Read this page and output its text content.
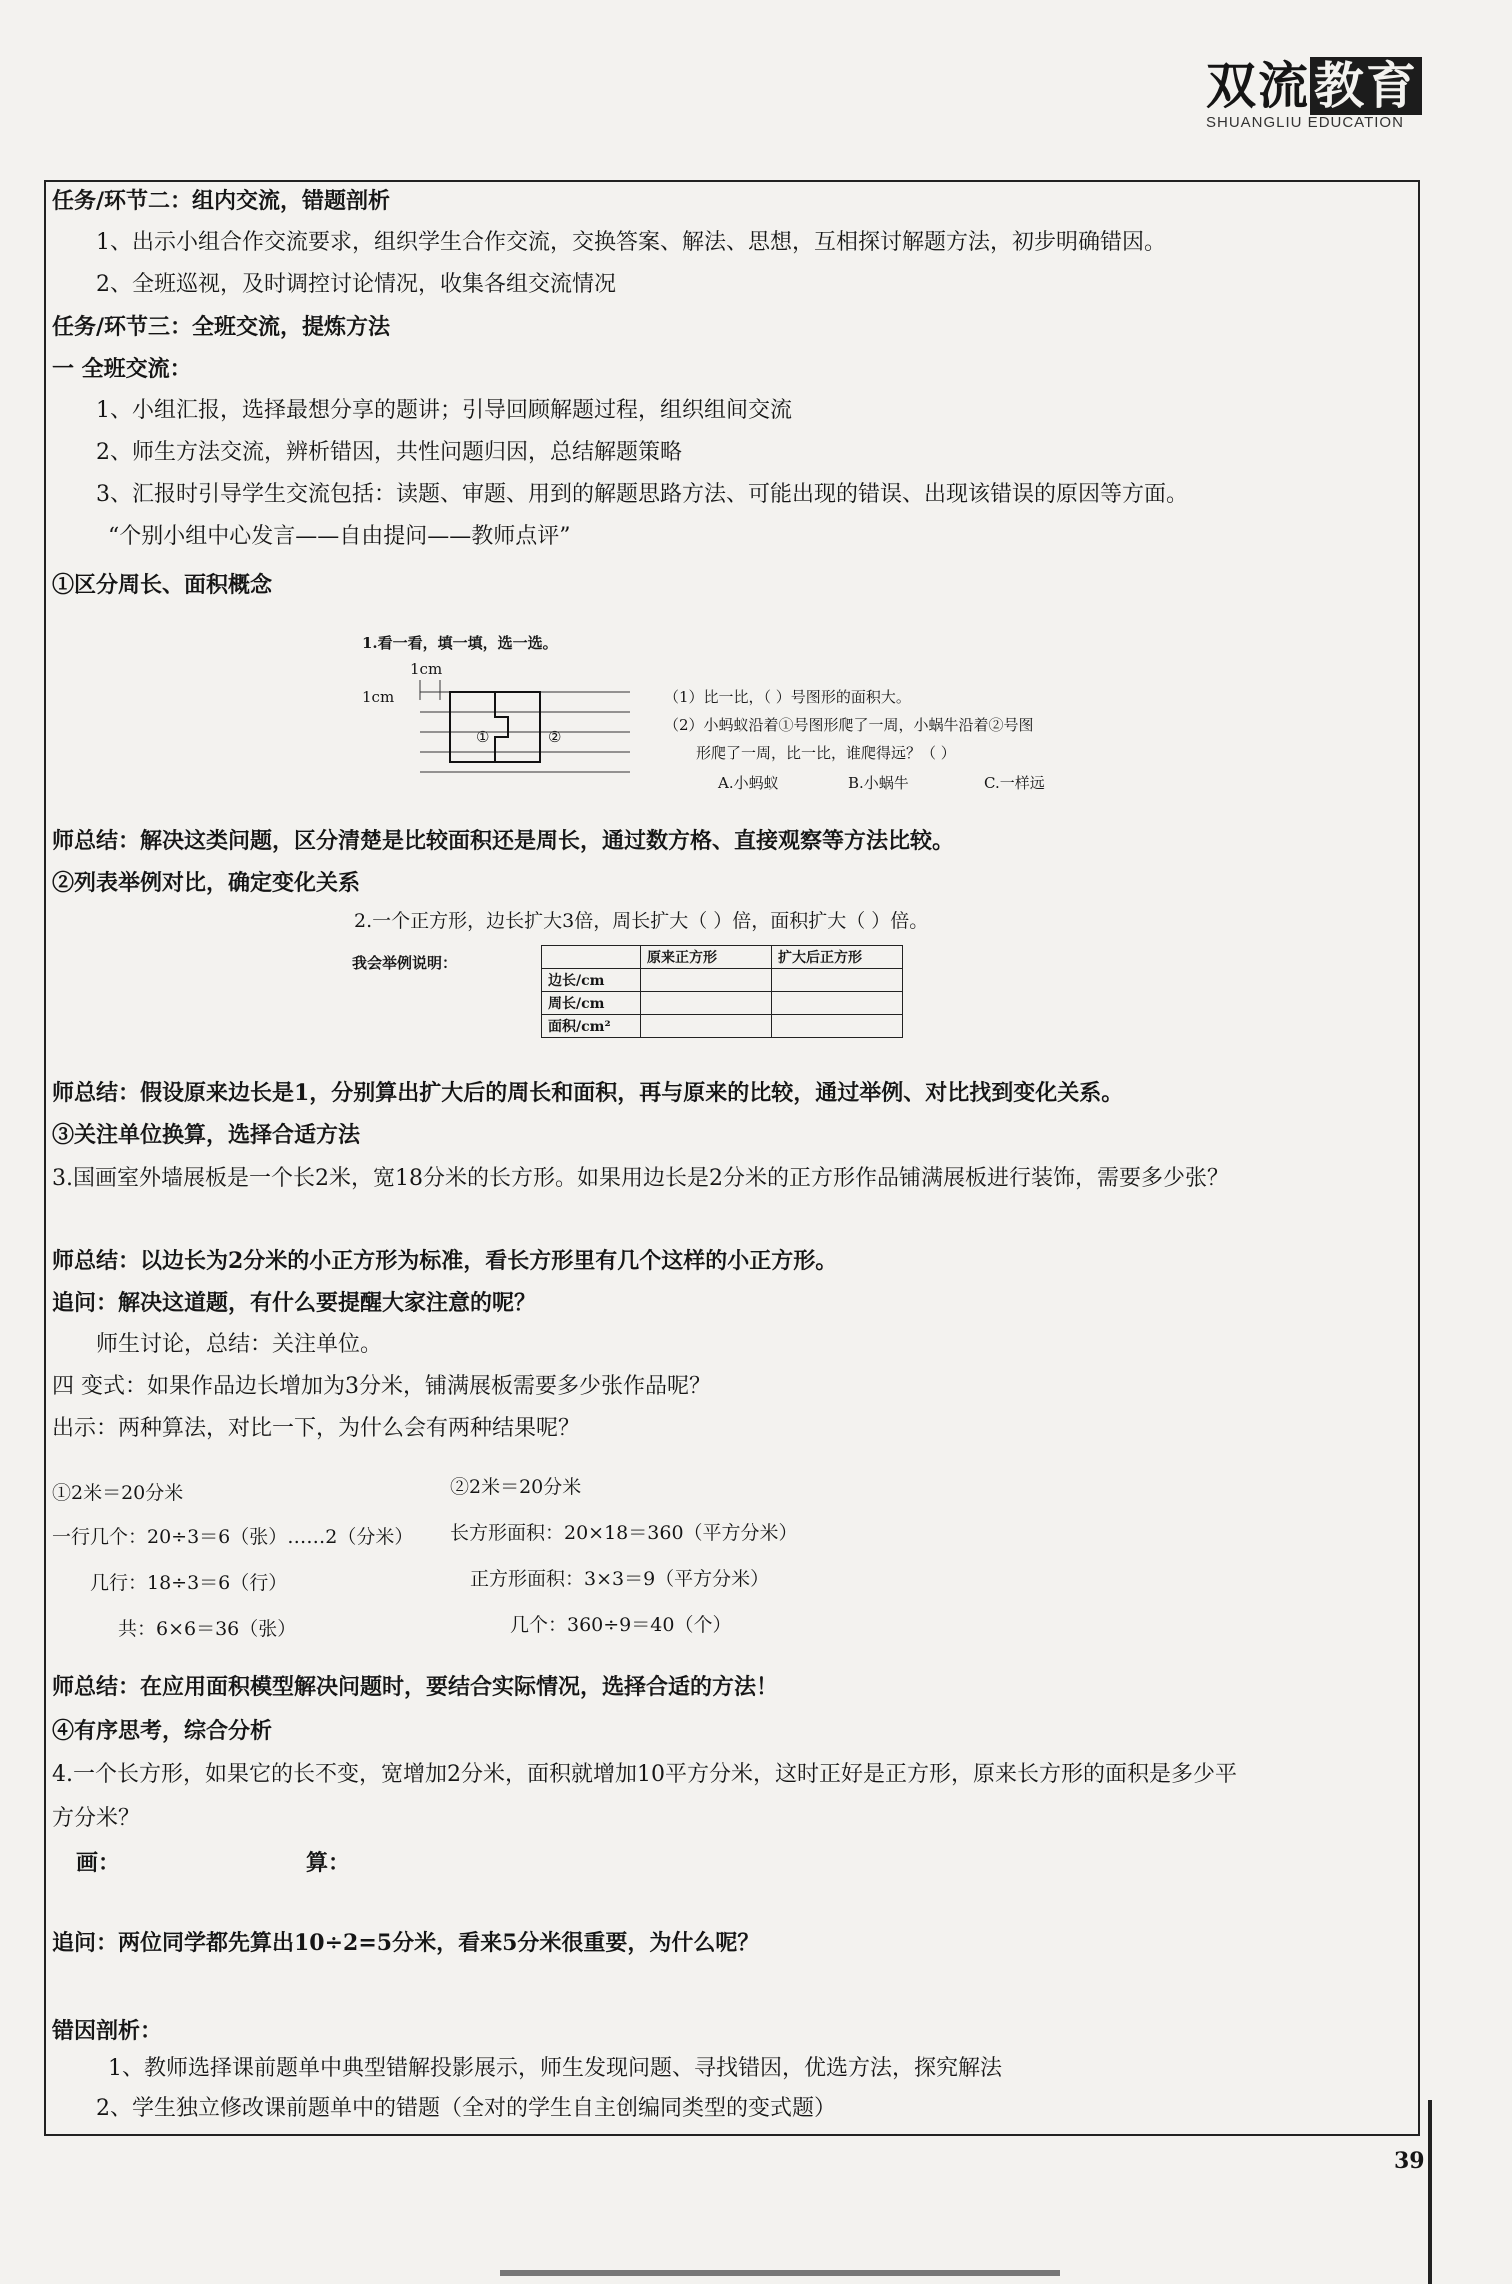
双流教育
SHUANGLIU EDUCATION
任务/环节二：组内交流，错题剖析
1、出示小组合作交流要求，组织学生合作交流，交换答案、解法、思想，互相探讨解题方法，初步明确错因。
2、全班巡视，及时调控讨论情况，收集各组交流情况
任务/环节三：全班交流，提炼方法
一 全班交流：
1、小组汇报，选择最想分享的题讲；引导回顾解题过程，组织组间交流
2、师生方法交流，辨析错因，共性问题归因，总结解题策略
3、汇报时引导学生交流包括：读题、审题、用到的解题思路方法、可能出现的错误、出现该错误的原因等方面。
“个别小组中心发言——自由提问——教师点评”
①区分周长、面积概念
1.看一看，填一填，选一选。
1cm
1cm
①	②
（1）比一比，（ ）号图形的面积大。
（2）小蚂蚁沿着①号图形爬了一周，小蜗牛沿着②号图
形爬了一周，比一比，谁爬得远？（ ）
A.小蚂蚁	B.小蜗牛	C.一样远
师总结：解决这类问题，区分清楚是比较面积还是周长，通过数方格、直接观察等方法比较。
②列表举例对比，确定变化关系
2.一个正方形，边长扩大3倍，周长扩大（ ）倍，面积扩大（ ）倍。
我会举例说明：
		原来正方形	扩大后正方形
边长/cm		
周长/cm		
面积/cm²		
师总结：假设原来边长是1，分别算出扩大后的周长和面积，再与原来的比较，通过举例、对比找到变化关系。
③关注单位换算，选择合适方法
3.国画室外墙展板是一个长2米，宽18分米的长方形。如果用边长是2分米的正方形作品铺满展板进行装饰，需要多少张？
师总结：以边长为2分米的小正方形为标准，看长方形里有几个这样的小正方形。
追问：解决这道题，有什么要提醒大家注意的呢？
师生讨论，总结：关注单位。
四 变式：如果作品边长增加为3分米，铺满展板需要多少张作品呢？
出示：两种算法，对比一下，为什么会有两种结果呢？
①2米＝20分米	②2米＝20分米
一行几个：20÷3＝6（张）……2（分米） 长方形面积：20×18＝360（平方分米）
几行：18÷3＝6（行）	正方形面积：3×3＝9（平方分米）
共：6×6＝36（张）	几个：360÷9＝40（个）
师总结：在应用面积模型解决问题时，要结合实际情况，选择合适的方法！
④有序思考，综合分析
4.一个长方形，如果它的长不变，宽增加2分米，面积就增加10平方分米，这时正好是正方形，原来长方形的面积是多少平
方分米？
画：	算：
追问：两位同学都先算出10÷2=5分米，看来5分米很重要，为什么呢？
错因剖析：
1、教师选择课前题单中典型错解投影展示，师生发现问题、寻找错因，优选方法，探究解法
2、学生独立修改课前题单中的错题（全对的学生自主创编同类型的变式题）
39
